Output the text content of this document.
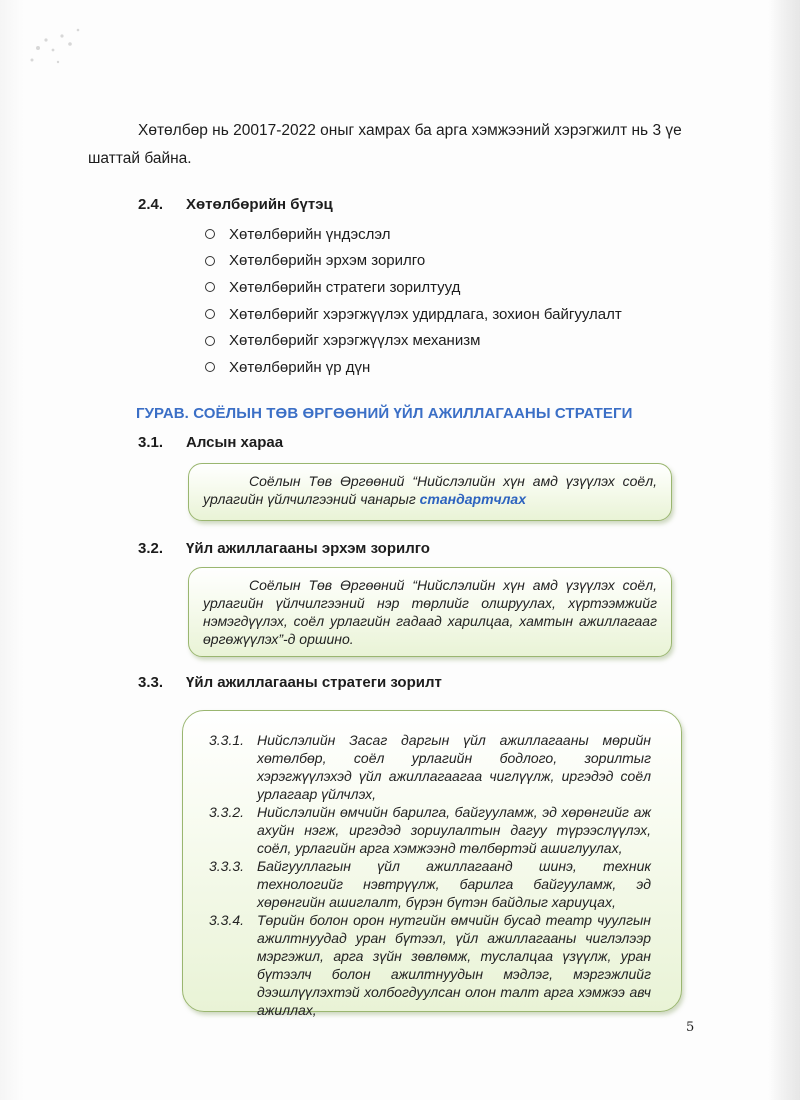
Хөтөлбөр нь 20017-2022 оныг хамрах ба арга хэмжээний хэрэгжилт нь 3 үе
шаттай байна.
2.4. Хөтөлбөрийн бүтэц
Хөтөлбөрийн үндэслэл
Хөтөлбөрийн эрхэм зорилго
Хөтөлбөрийн стратеги зорилтууд
Хөтөлбөрийг хэрэгжүүлэх удирдлага, зохион байгуулалт
Хөтөлбөрийг хэрэгжүүлэх механизм
Хөтөлбөрийн үр дүн
ГУРАВ. СОЁЛЫН ТӨВ ӨРГӨӨНИЙ ҮЙЛ АЖИЛЛАГААНЫ СТРАТЕГИ
3.1. Алсын хараа

Соёлын Төв Өргөөний “Нийслэлийн хүн амд үзүүлэх соёл, урлагийн үйлчилгээний чанарыг стандартчлах

3.2. Үйл ажиллагааны эрхэм зорилго

Соёлын Төв Өргөөний “Нийслэлийн хүн амд үзүүлэх соёл, урлагийн үйлчилгээний нэр төрлийг олшруулах, хүртээмжийг нэмэгдүүлэх, соёл урлагийн гадаад харилцаа, хамтын ажиллагааг өргөжүүлэх”-д оршино.

3.3. Үйл ажиллагааны стратеги зорилт
3.3.1. Нийслэлийн Засаг даргын үйл ажиллагааны мөрийн хөтөлбөр, соёл урлагийн бодлого, зорилтыг хэрэгжүүлэхэд үйл ажиллагаагаа чиглүүлж, иргэдэд соёл урлагаар үйлчлэх,
3.3.2. Нийслэлийн өмчийн барилга, байгууламж, эд хөрөнгийг аж ахуйн нэгж, иргэдэд зориулалтын дагуу түрээслүүлэх, соёл, урлагийн арга хэмжээнд төлбөртэй ашиглуулах,
3.3.3. Байгууллагын үйл ажиллагаанд шинэ, техник технологийг нэвтрүүлж, барилга байгууламж, эд хөрөнгийн ашиглалт, бүрэн бүтэн байдлыг хариуцах,
3.3.4. Төрийн болон орон нутгийн өмчийн бусад театр чуулгын ажилтнуудад уран бүтээл, үйл ажиллагааны чиглэлээр мэргэжил, арга зүйн зөвлөмж, туслалцаа үзүүлж, уран бүтээлч болон ажилтнуудын мэдлэг, мэргэжлийг дээшлүүлэхтэй холбогдуулсан олон талт арга хэмжээ авч ажиллах,
5
